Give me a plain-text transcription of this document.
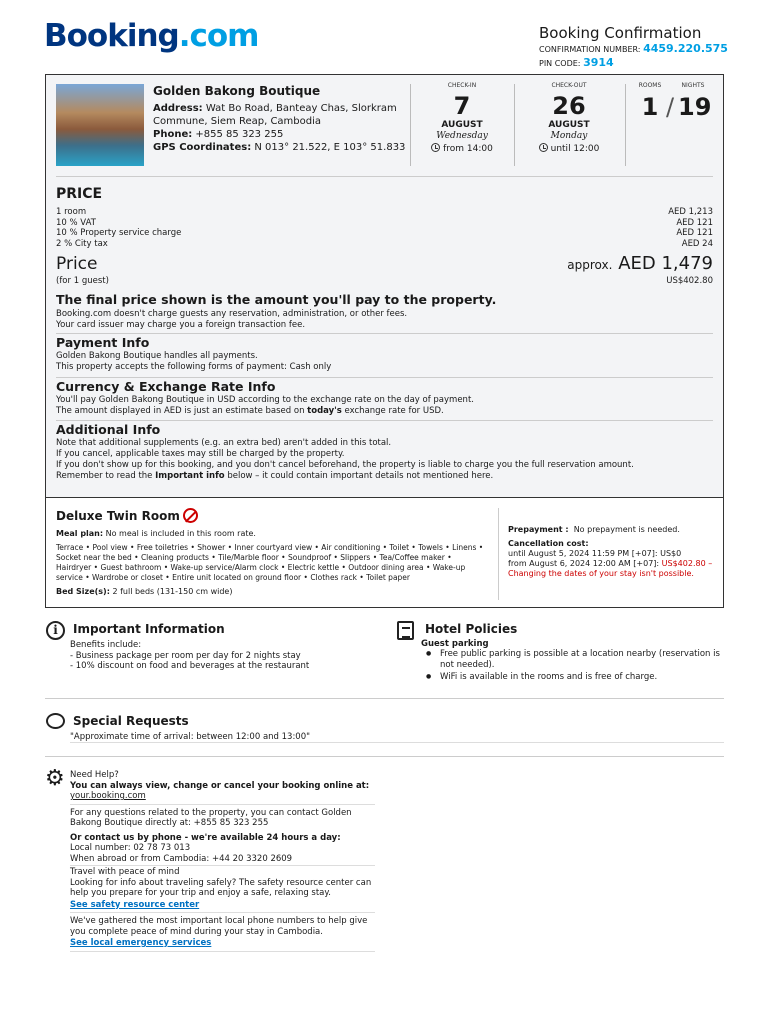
Booking.com	Booking Confirmation
CONFIRMATION NUMBER: 4459.220.575
PIN CODE: 3914
Golden Bakong Boutique
Address: Wat Bo Road, Banteay Chas, Slorkram Commune, Siem Reap, Cambodia
Phone: +855 85 323 255
GPS Coordinates: N 013° 21.522, E 103° 51.833
CHECK-IN
7
AUGUST
Wednesday
from 14:00
CHECK-OUT
26
AUGUST
Monday
until 12:00
ROOMS	NIGHTS
1 / 19
PRICE
1 room	AED 1,213
10 % VAT	AED 121
10 % Property service charge	AED 121
2 % City tax	AED 24
Price
(for 1 guest)
approx. AED 1,479
US$402.80
The final price shown is the amount you'll pay to the property.
Booking.com doesn't charge guests any reservation, administration, or other fees.
Your card issuer may charge you a foreign transaction fee.
Payment Info
Golden Bakong Boutique handles all payments.
This property accepts the following forms of payment: Cash only
Currency & Exchange Rate Info
You'll pay Golden Bakong Boutique in USD according to the exchange rate on the day of payment.
The amount displayed in AED is just an estimate based on today's exchange rate for USD.
Additional Info
Note that additional supplements (e.g. an extra bed) aren't added in this total.
If you cancel, applicable taxes may still be charged by the property.
If you don't show up for this booking, and you don't cancel beforehand, the property is liable to charge you the full reservation amount.
Remember to read the Important info below – it could contain important details not mentioned here.
Deluxe Twin Room
Meal plan: No meal is included in this room rate.
Terrace • Pool view • Free toiletries • Shower • Inner courtyard view • Air conditioning • Toilet • Towels • Linens • Socket near the bed • Cleaning products • Tile/Marble floor • Soundproof • Slippers • Tea/Coffee maker • Hairdryer • Guest bathroom • Wake-up service/Alarm clock • Electric kettle • Outdoor dining area • Wake-up service • Wardrobe or closet • Entire unit located on ground floor • Clothes rack • Toilet paper
Bed Size(s): 2 full beds (131-150 cm wide)
Prepayment : No prepayment is needed.
Cancellation cost:
until August 5, 2024 11:59 PM [+07]: US$0
from August 6, 2024 12:00 AM [+07]: US$402.80 –
Changing the dates of your stay isn't possible.
i	Important Information
Benefits include:
- Business package per room per day for 2 nights stay
- 10% discount on food and beverages at the restaurant
Hotel Policies
Guest parking
● Free public parking is possible at a location nearby (reservation is not needed).
● WiFi is available in the rooms and is free of charge.
Special Requests
"Approximate time of arrival: between 12:00 and 13:00"
⚙ Need Help?
You can always view, change or cancel your booking online at:
your.booking.com
For any questions related to the property, you can contact Golden
Bakong Boutique directly at: +855 85 323 255
Or contact us by phone - we're available 24 hours a day:
Local number: 02 78 73 013
When abroad or from Cambodia: +44 20 3320 2609
Travel with peace of mind
Looking for info about traveling safely? The safety resource center can
help you prepare for your trip and enjoy a safe, relaxing stay.
See safety resource center
We've gathered the most important local phone numbers to help give
you complete peace of mind during your stay in Cambodia.
See local emergency services
